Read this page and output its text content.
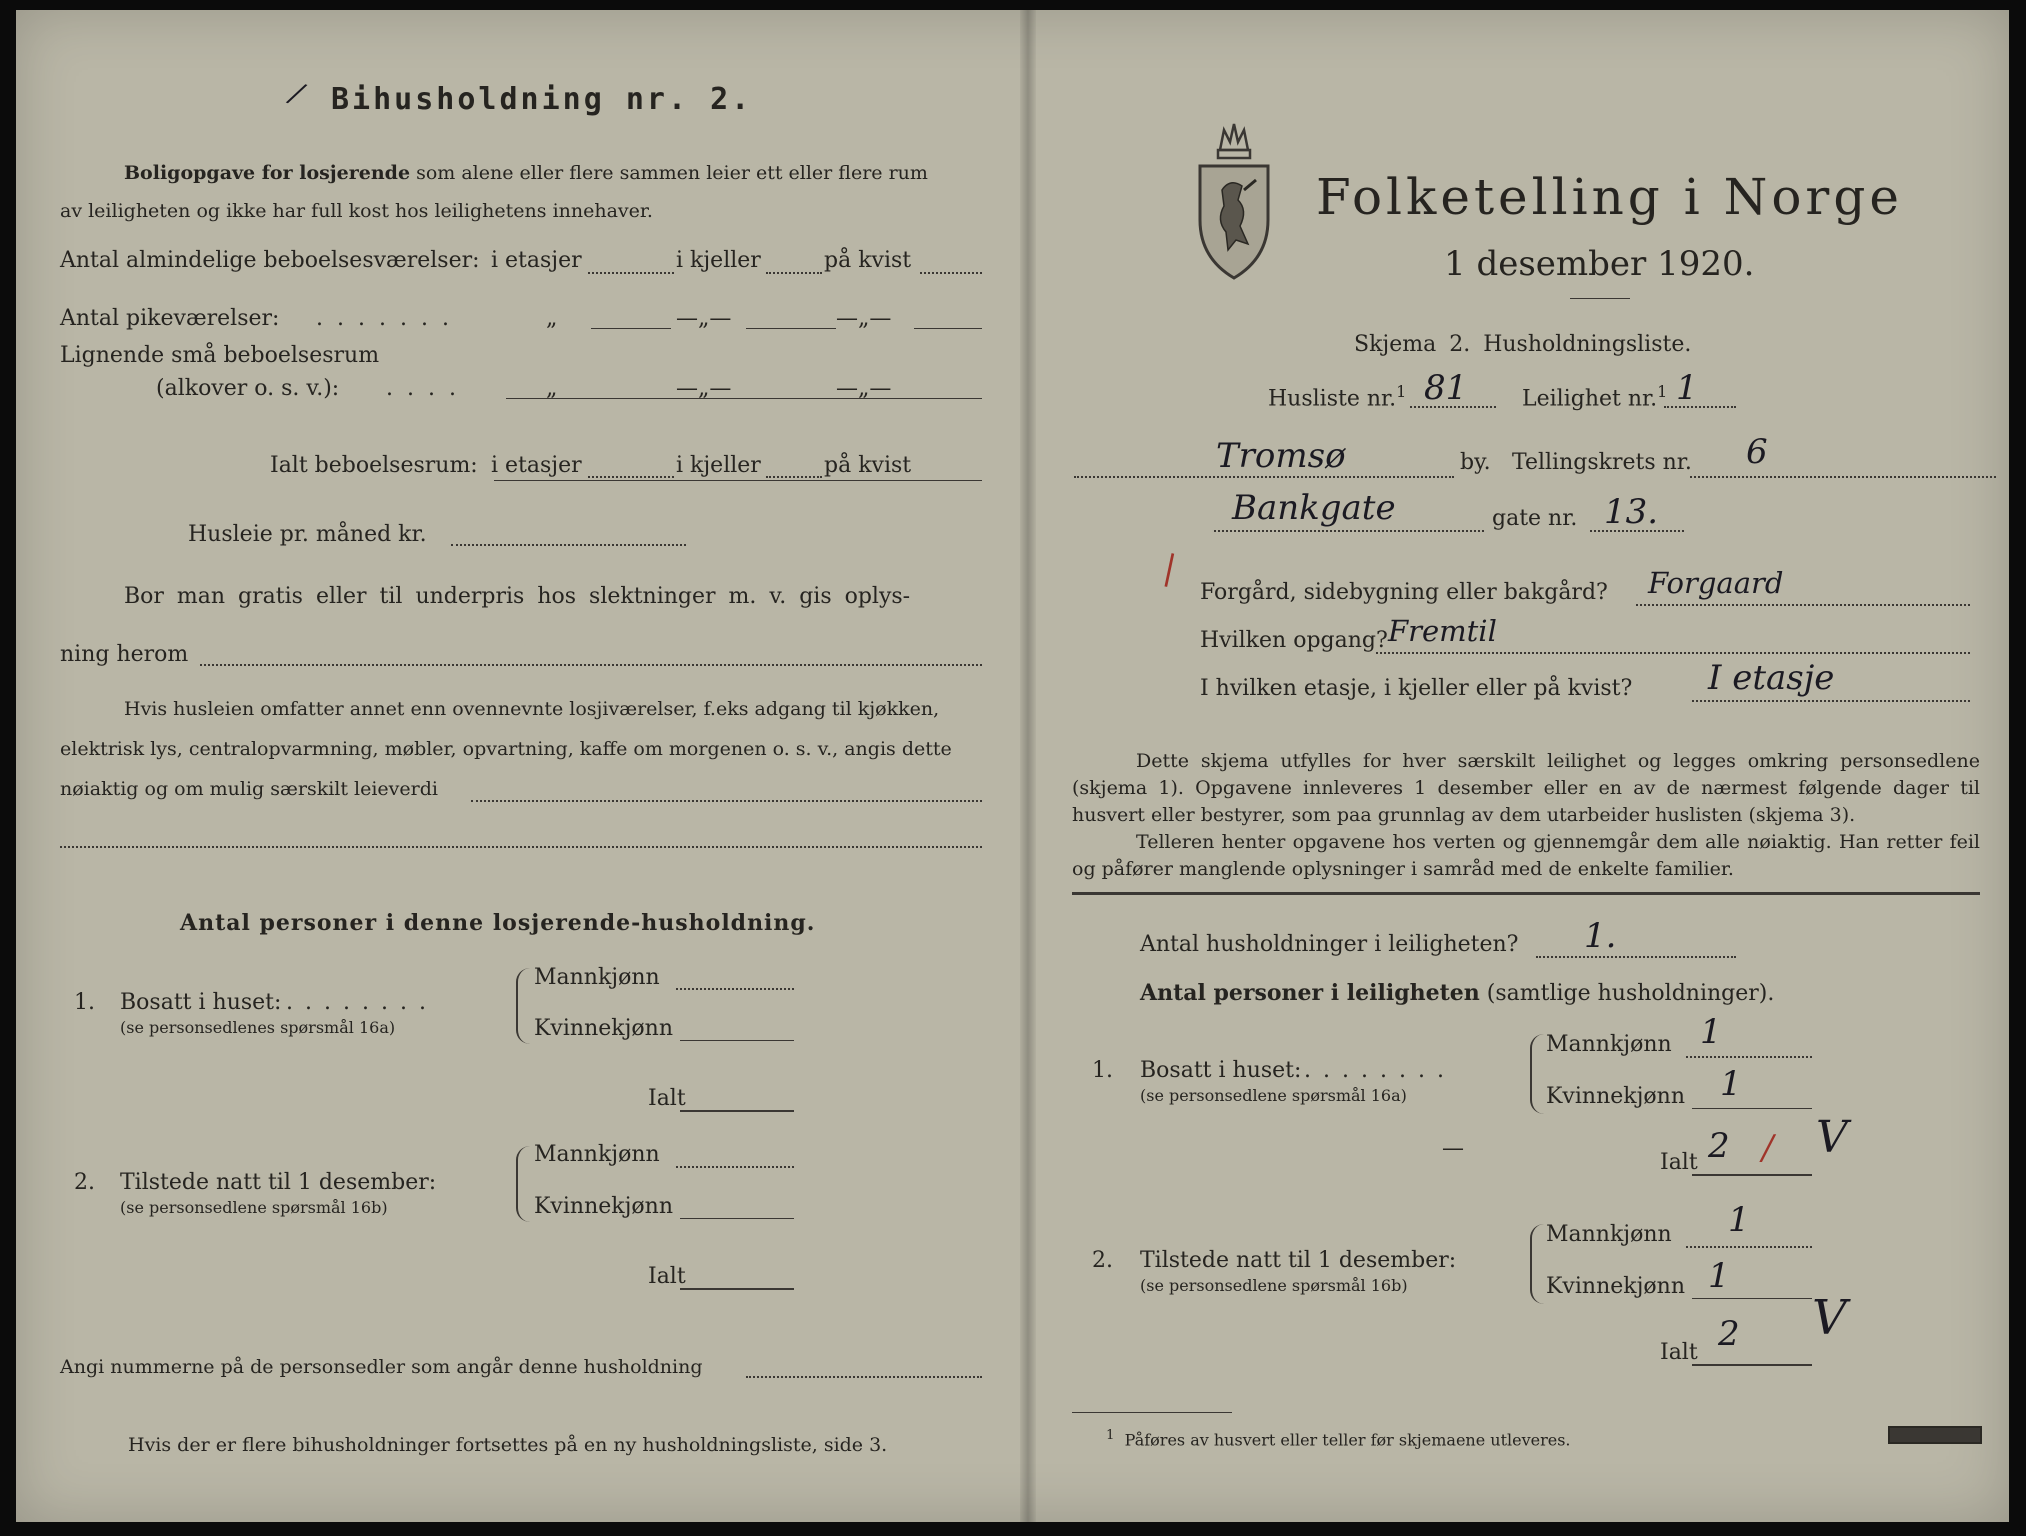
/ Bihusholdning nr. 2.
Boligopgave for losjerende som alene eller flere sammen leier ett eller flere rum
av leiligheten og ikke har full kost hos leilighetens innehaver.
Antal almindelige beboelsesværelser: i etasjer	i kjeller	på kvist
Antal pikeværelser: .......	„	—„—	—„—
Lignende små beboelsesrum
(alkover o. s. v.): ....	„	—„—	—„—
Ialt beboelsesrum: i etasjer	i kjeller	på kvist
Husleie pr. måned kr.
Bor man gratis eller til underpris hos slektninger m. v. gis oplys-
ning herom
Hvis husleien omfatter annet enn ovennevnte losjiværelser, f.eks adgang til kjøkken,
elektrisk lys, centralopvarmning, møbler, opvartning, kaffe om morgenen o. s. v., angis dette
nøiaktig og om mulig særskilt leieverdi
Antal personer i denne losjerende-husholdning.
1. Bosatt i huset: ........
(se personsedlenes spørsmål 16a)
Mannkjønn
Kvinnekjønn
Ialt
2. Tilstede natt til 1 desember:
(se personsedlene spørsmål 16b)
Mannkjønn
Kvinnekjønn
Ialt
Angi nummerne på de personsedler som angår denne husholdning
Hvis der er flere bihusholdninger fortsettes på en ny husholdningsliste, side 3.
Folketelling i Norge
1 desember 1920.
Skjema 2. Husholdningsliste.
Husliste nr.$^1$ 81 Leilighet nr.$^1$ 1
Tromsø	by. Tellingskrets nr. 6
Bankgate	gate nr. 13.
|
Forgård, sidebygning eller bakgård? Forgaard
Hvilken opgang? Fremtil
I hvilken etasje, i kjeller eller på kvist? I etasje
Dette skjema utfylles for hver særskilt leilighet og legges omkring personsedlene (skjema 1). Opgavene innleveres 1 desember eller en av de nærmest følgende dager til husvert eller bestyrer, som paa grunnlag av dem utarbeider huslisten (skjema 3).
Telleren henter opgavene hos verten og gjennemgår dem alle nøiaktig. Han retter feil og påfører manglende oplysninger i samråd med de enkelte familier.
Antal husholdninger i leiligheten? 1.
Antal personer i leiligheten (samtlige husholdninger).
1. Bosatt i huset: ........
(se personsedlene spørsmål 16a)
Mannkjønn 1
Kvinnekjønn 1
—
Ialt 2 / V
2. Tilstede natt til 1 desember:
(se personsedlene spørsmål 16b)
Mannkjønn 1
Kvinnekjønn 1
Ialt 2 V
$^1$ Påføres av husvert eller teller før skjemaene utleveres.
